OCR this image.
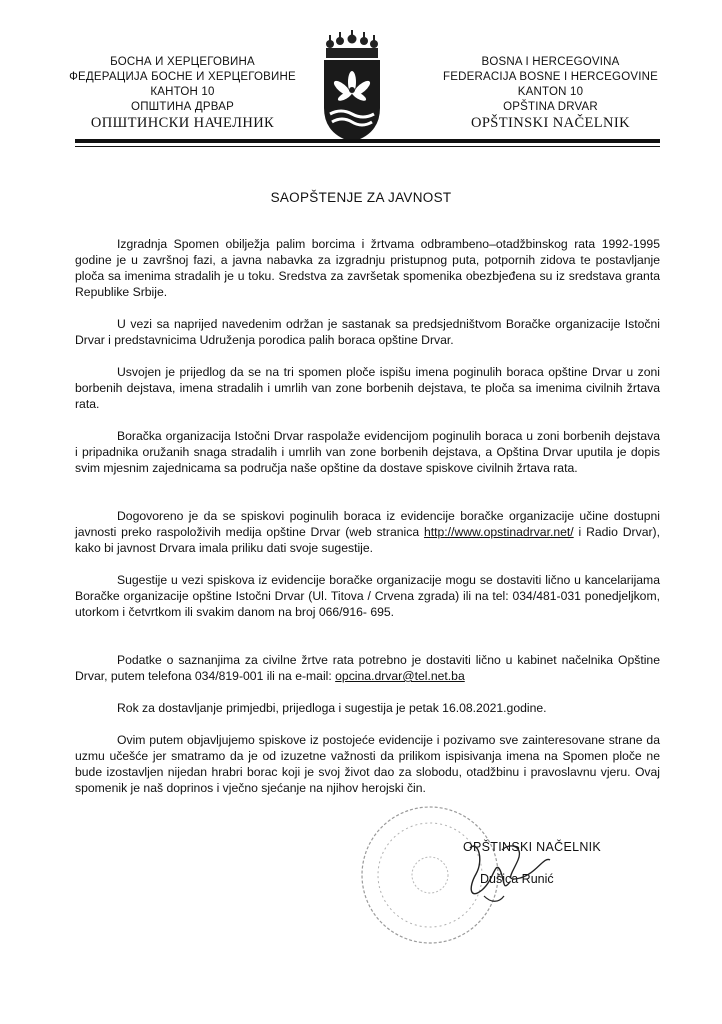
БОСНА И ХЕРЦЕГОВИНА
ФЕДЕРАЦИЈА БОСНЕ И ХЕРЦЕГОВИНЕ
КАНТОН 10
ОПШТИНА ДРВАР
ОПШТИНСКИ НАЧЕЛНИК
BOSNA I HERCEGOVINA
FEDERACIJA BOSNE I HERCEGOVINE
KANTON 10
OPŠTINA DRVAR
OPŠTINSKI NAČELNIK
SAOPŠTENJE ZA JAVNOST

Izgradnja Spomen obilježja palim borcima i žrtvama odbrambeno–otadžbinskog rata 1992-1995 godine je u završnoj fazi, a javna nabavka za izgradnju pristupnog puta, potpornih zidova te postavljanje ploča sa imenima stradalih je u toku. Sredstva za završetak spomenika obezbjeđena su iz sredstava granta Republike Srbije.

U vezi sa naprijed navedenim održan je sastanak sa predsjedništvom Boračke organizacije Istočni Drvar i predstavnicima Udruženja porodica palih boraca opštine Drvar.

Usvojen je prijedlog da se na tri spomen ploče ispišu imena poginulih boraca opštine Drvar u zoni borbenih dejstava, imena stradalih i umrlih van zone borbenih dejstava, te ploča sa imenima civilnih žrtava rata.

Boračka organizacija Istočni Drvar raspolaže evidencijom poginulih boraca u zoni borbenih dejstava i pripadnika oružanih snaga stradalih i umrlih van zone borbenih dejstava, a Opština Drvar uputila je dopis svim mjesnim zajednicama sa područja naše opštine da dostave spiskove civilnih žrtava rata.

Dogovoreno je da se spiskovi poginulih boraca iz evidencije boračke organizacije učine dostupni javnosti preko raspoloživih medija opštine Drvar (web stranica http://www.opstinadrvar.net/ i Radio Drvar), kako bi javnost Drvara imala priliku dati svoje sugestije.

Sugestije u vezi spiskova iz evidencije boračke organizacije mogu se dostaviti lično u kancelarijama Boračke organizacije opštine Istočni Drvar (Ul. Titova / Crvena zgrada) ili na tel: 034/481-031 ponedjeljkom, utorkom i četvrtkom ili svakim danom na broj 066/916- 695.

Podatke o saznanjima za civilne žrtve rata potrebno je dostaviti lično u kabinet načelnika Opštine Drvar, putem telefona 034/819-001 ili na e-mail: opcina.drvar@tel.net.ba

Rok za dostavljanje primjedbi, prijedloga i sugestija je petak 16.08.2021.godine.

Ovim putem objavljujemo spiskove iz postojeće evidencije i pozivamo sve zainteresovane strane da uzmu učešće jer smatramo da je od izuzetne važnosti da prilikom ispisivanja imena na Spomen ploče ne bude izostavljen nijedan hrabri borac koji je svoj život dao za slobodu, otadžbinu i pravoslavnu vjeru. Ovaj spomenik je naš doprinos i vječno sjećanje na njihov herojski čin.

OPŠTINSKI NAČELNIK
Dušica Runić
